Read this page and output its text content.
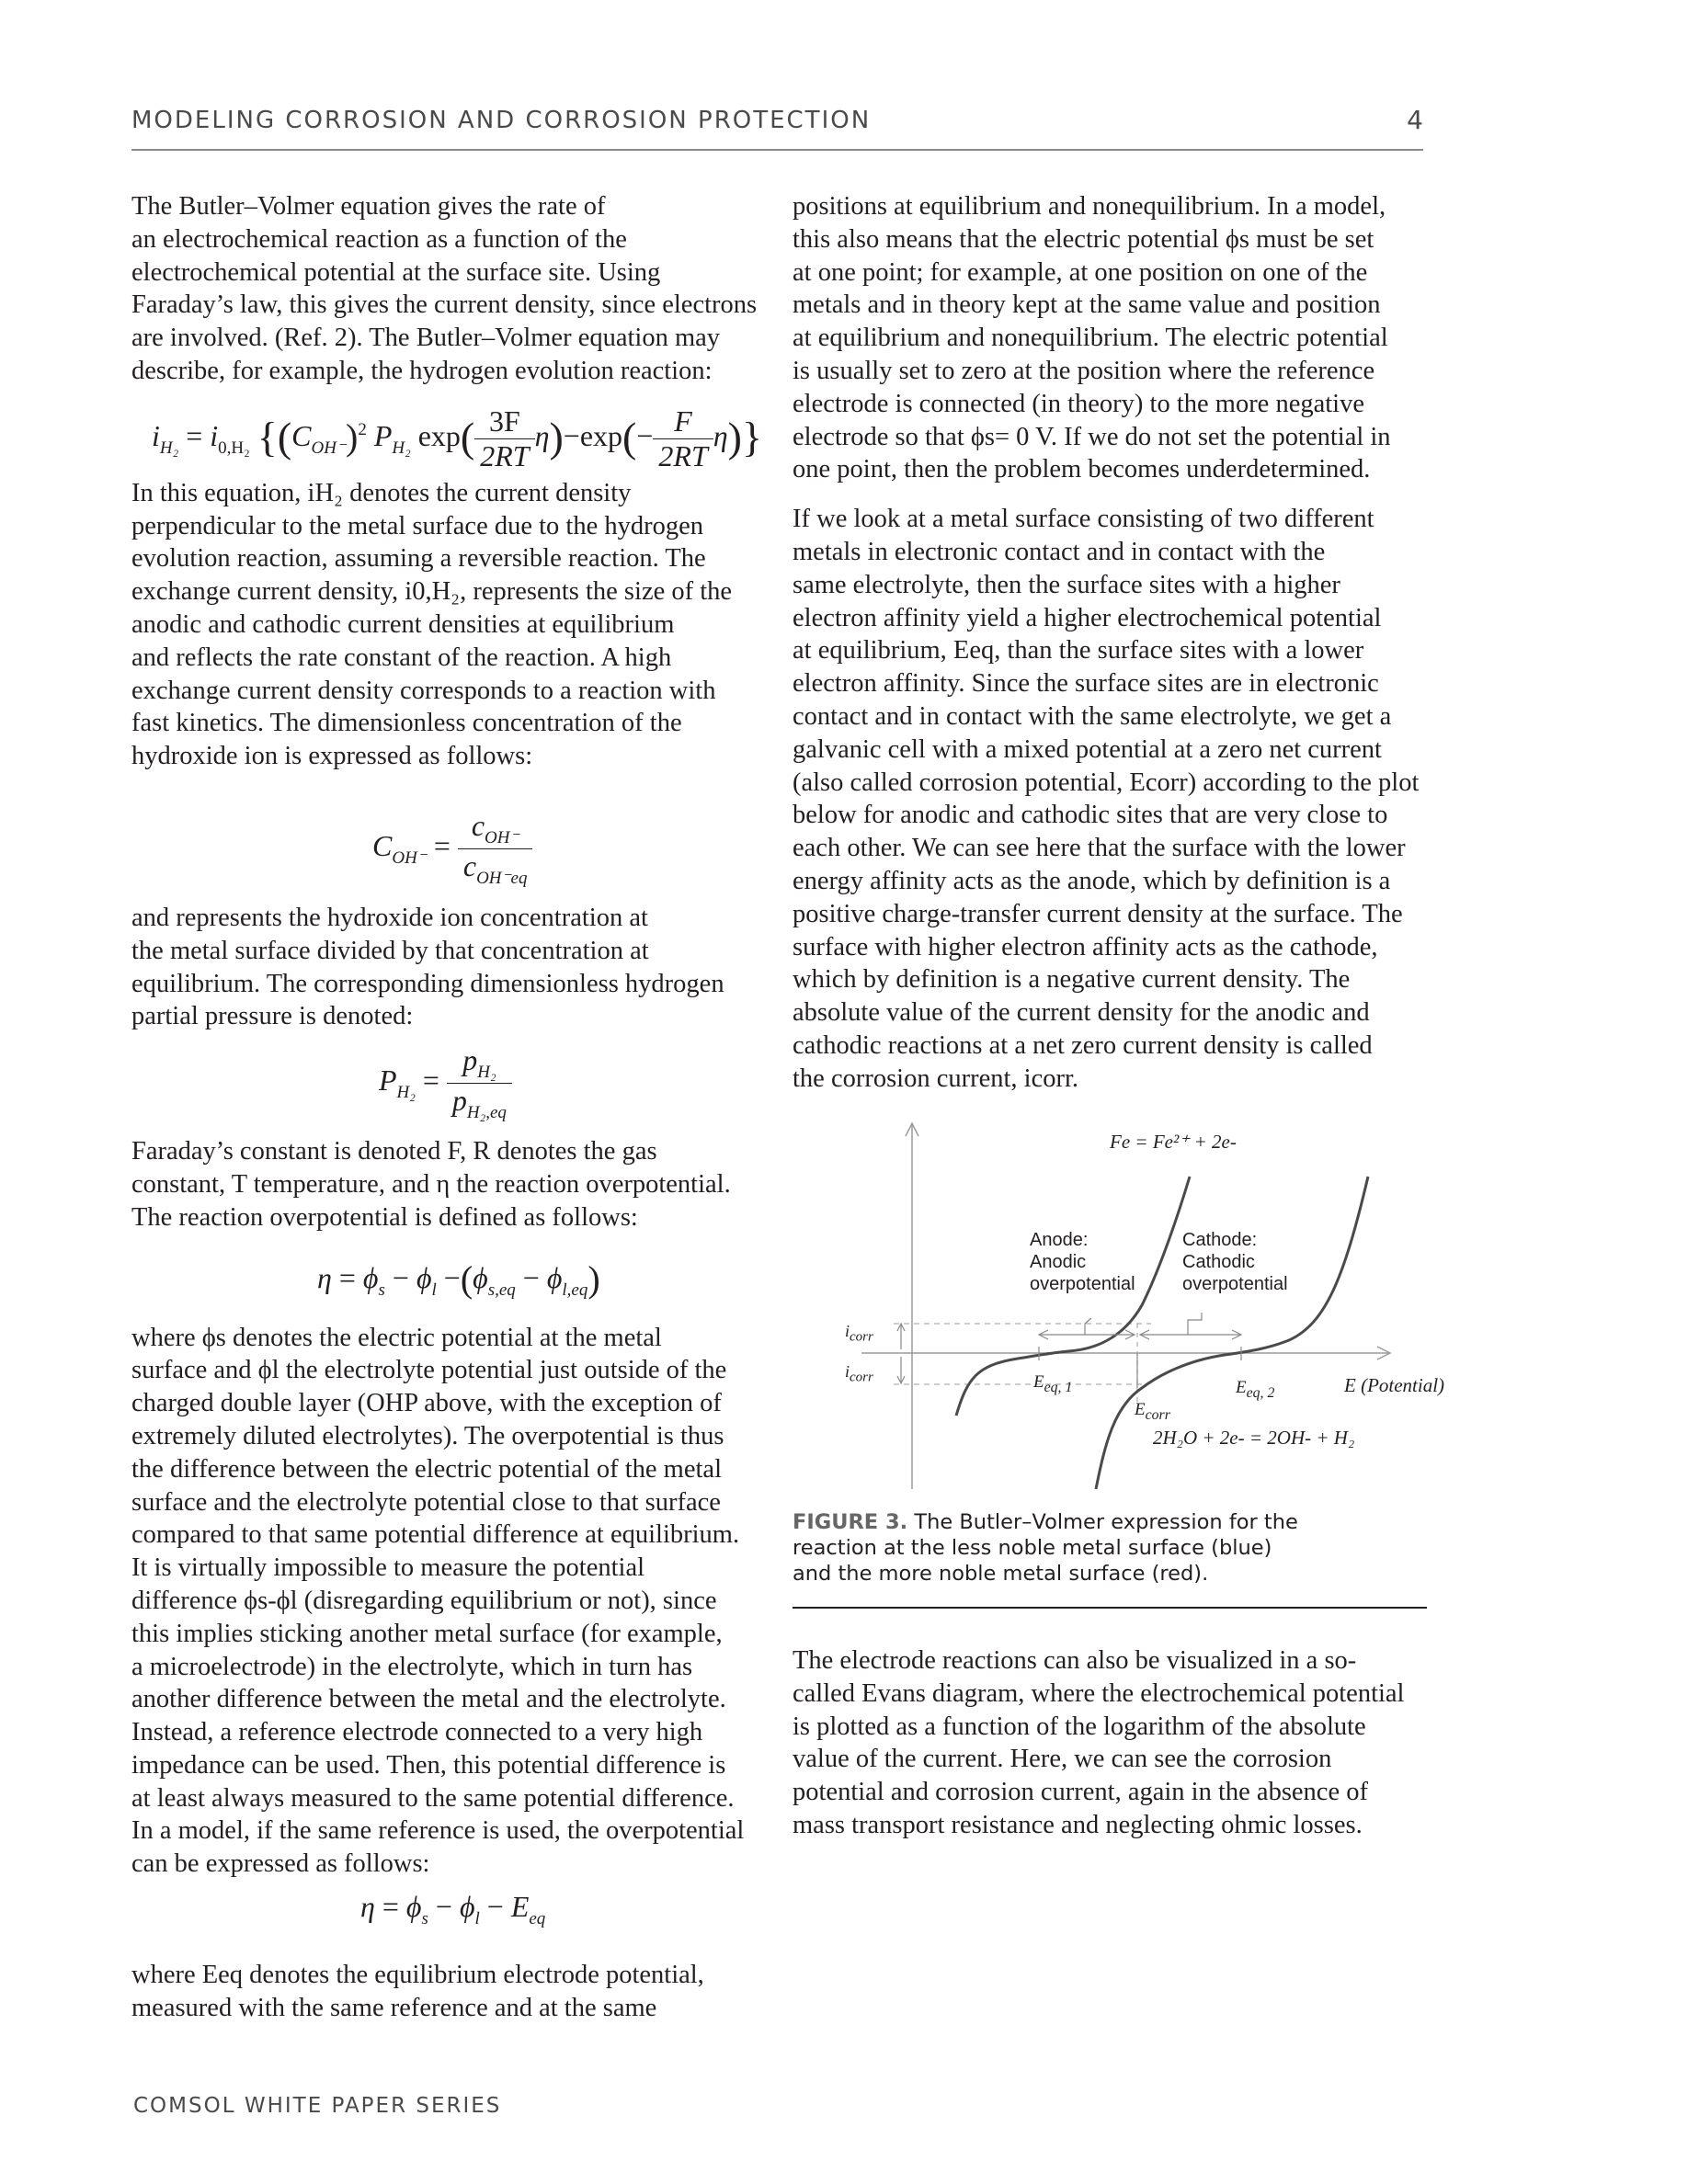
MODELING CORROSION AND CORROSION PROTECTION	4

The Butler–Volmer equation gives the rate of
an electrochemical reaction as a function of the
electrochemical potential at the surface site. Using
Faraday’s law, this gives the current density, since electrons
are involved. (Ref. 2). The Butler–Volmer equation may
describe, for example, the hydrogen evolution reaction:

In this equation, iH₂ denotes the current density
perpendicular to the metal surface due to the hydrogen
evolution reaction, assuming a reversible reaction. The
exchange current density, i0,H₂, represents the size of the
anodic and cathodic current densities at equilibrium
and reflects the rate constant of the reaction. A high
exchange current density corresponds to a reaction with
fast kinetics. The dimensionless concentration of the
hydroxide ion is expressed as follows:

and represents the hydroxide ion concentration at
the metal surface divided by that concentration at
equilibrium. The corresponding dimensionless hydrogen
partial pressure is denoted:

Faraday’s constant is denoted F, R denotes the gas
constant, T temperature, and η the reaction overpotential.
The reaction overpotential is defined as follows:

where ϕs denotes the electric potential at the metal
surface and ϕl the electrolyte potential just outside of the
charged double layer (OHP above, with the exception of
extremely diluted electrolytes). The overpotential is thus
the difference between the electric potential of the metal
surface and the electrolyte potential close to that surface
compared to that same potential difference at equilibrium.
It is virtually impossible to measure the potential
difference ϕs-ϕl (disregarding equilibrium or not), since
this implies sticking another metal surface (for example,
a microelectrode) in the electrolyte, which in turn has
another difference between the metal and the electrolyte.
Instead, a reference electrode connected to a very high
impedance can be used. Then, this potential difference is
at least always measured to the same potential difference.
In a model, if the same reference is used, the overpotential
can be expressed as follows:

where Eeq denotes the equilibrium electrode potential,
measured with the same reference and at the same

$i_{H_2} = i_{0,H_2}$ {$(C_{OH^-})^2$ $P_{H_2}$ $\exp( \frac{3F}{2RT} \eta)-\exp(- \frac{F}{2RT} \eta)$}
$C_{OH^-} = \frac{c_{OH^-}}{c_{OH^-eq}}$
$P_{H_2} = \frac{p_{H_2}}{p_{H_2,eq}}$
$\eta = \phi_s - \phi_l -(\phi_{s,eq} - \phi_{l,eq})$
$\eta = \phi_s - \phi_l - E_{eq}$

positions at equilibrium and nonequilibrium. In a model,
this also means that the electric potential ϕs must be set
at one point; for example, at one position on one of the
metals and in theory kept at the same value and position
at equilibrium and nonequilibrium. The electric potential
is usually set to zero at the position where the reference
electrode is connected (in theory) to the more negative
electrode so that ϕs= 0 V. If we do not set the potential in
one point, then the problem becomes underdetermined.

If we look at a metal surface consisting of two different
metals in electronic contact and in contact with the
same electrolyte, then the surface sites with a higher
electron affinity yield a higher electrochemical potential
at equilibrium, Eeq, than the surface sites with a lower
electron affinity. Since the surface sites are in electronic
contact and in contact with the same electrolyte, we get a
galvanic cell with a mixed potential at a zero net current
(also called corrosion potential, Ecorr) according to the plot
below for anodic and cathodic sites that are very close to
each other. We can see here that the surface with the lower
energy affinity acts as the anode, which by definition is a
positive charge-transfer current density at the surface. The
surface with higher electron affinity acts as the cathode,
which by definition is a negative current density. The
absolute value of the current density for the anodic and
cathodic reactions at a net zero current density is called
the corrosion current, icorr.

The electrode reactions can also be visualized in a so-
called Evans diagram, where the electrochemical potential
is plotted as a function of the logarithm of the absolute
value of the current. Here, we can see the corrosion
potential and corrosion current, again in the absence of
mass transport resistance and neglecting ohmic losses.

Fe = Fe²⁺ + 2e-
Anode:
Anodic
overpotential
Cathode:
Cathodic
overpotential
$i_{corr}$
$i_{corr}$	$E_{eq, 1}$	$E_{eq, 2}$	E (Potential)
$E_{corr}$
2H₂O + 2e- = 2OH- + H₂
FIGURE 3. The Butler–Volmer expression for the
reaction at the less noble metal surface (blue)
and the more noble metal surface (red).
COMSOL WHITE PAPER SERIES
